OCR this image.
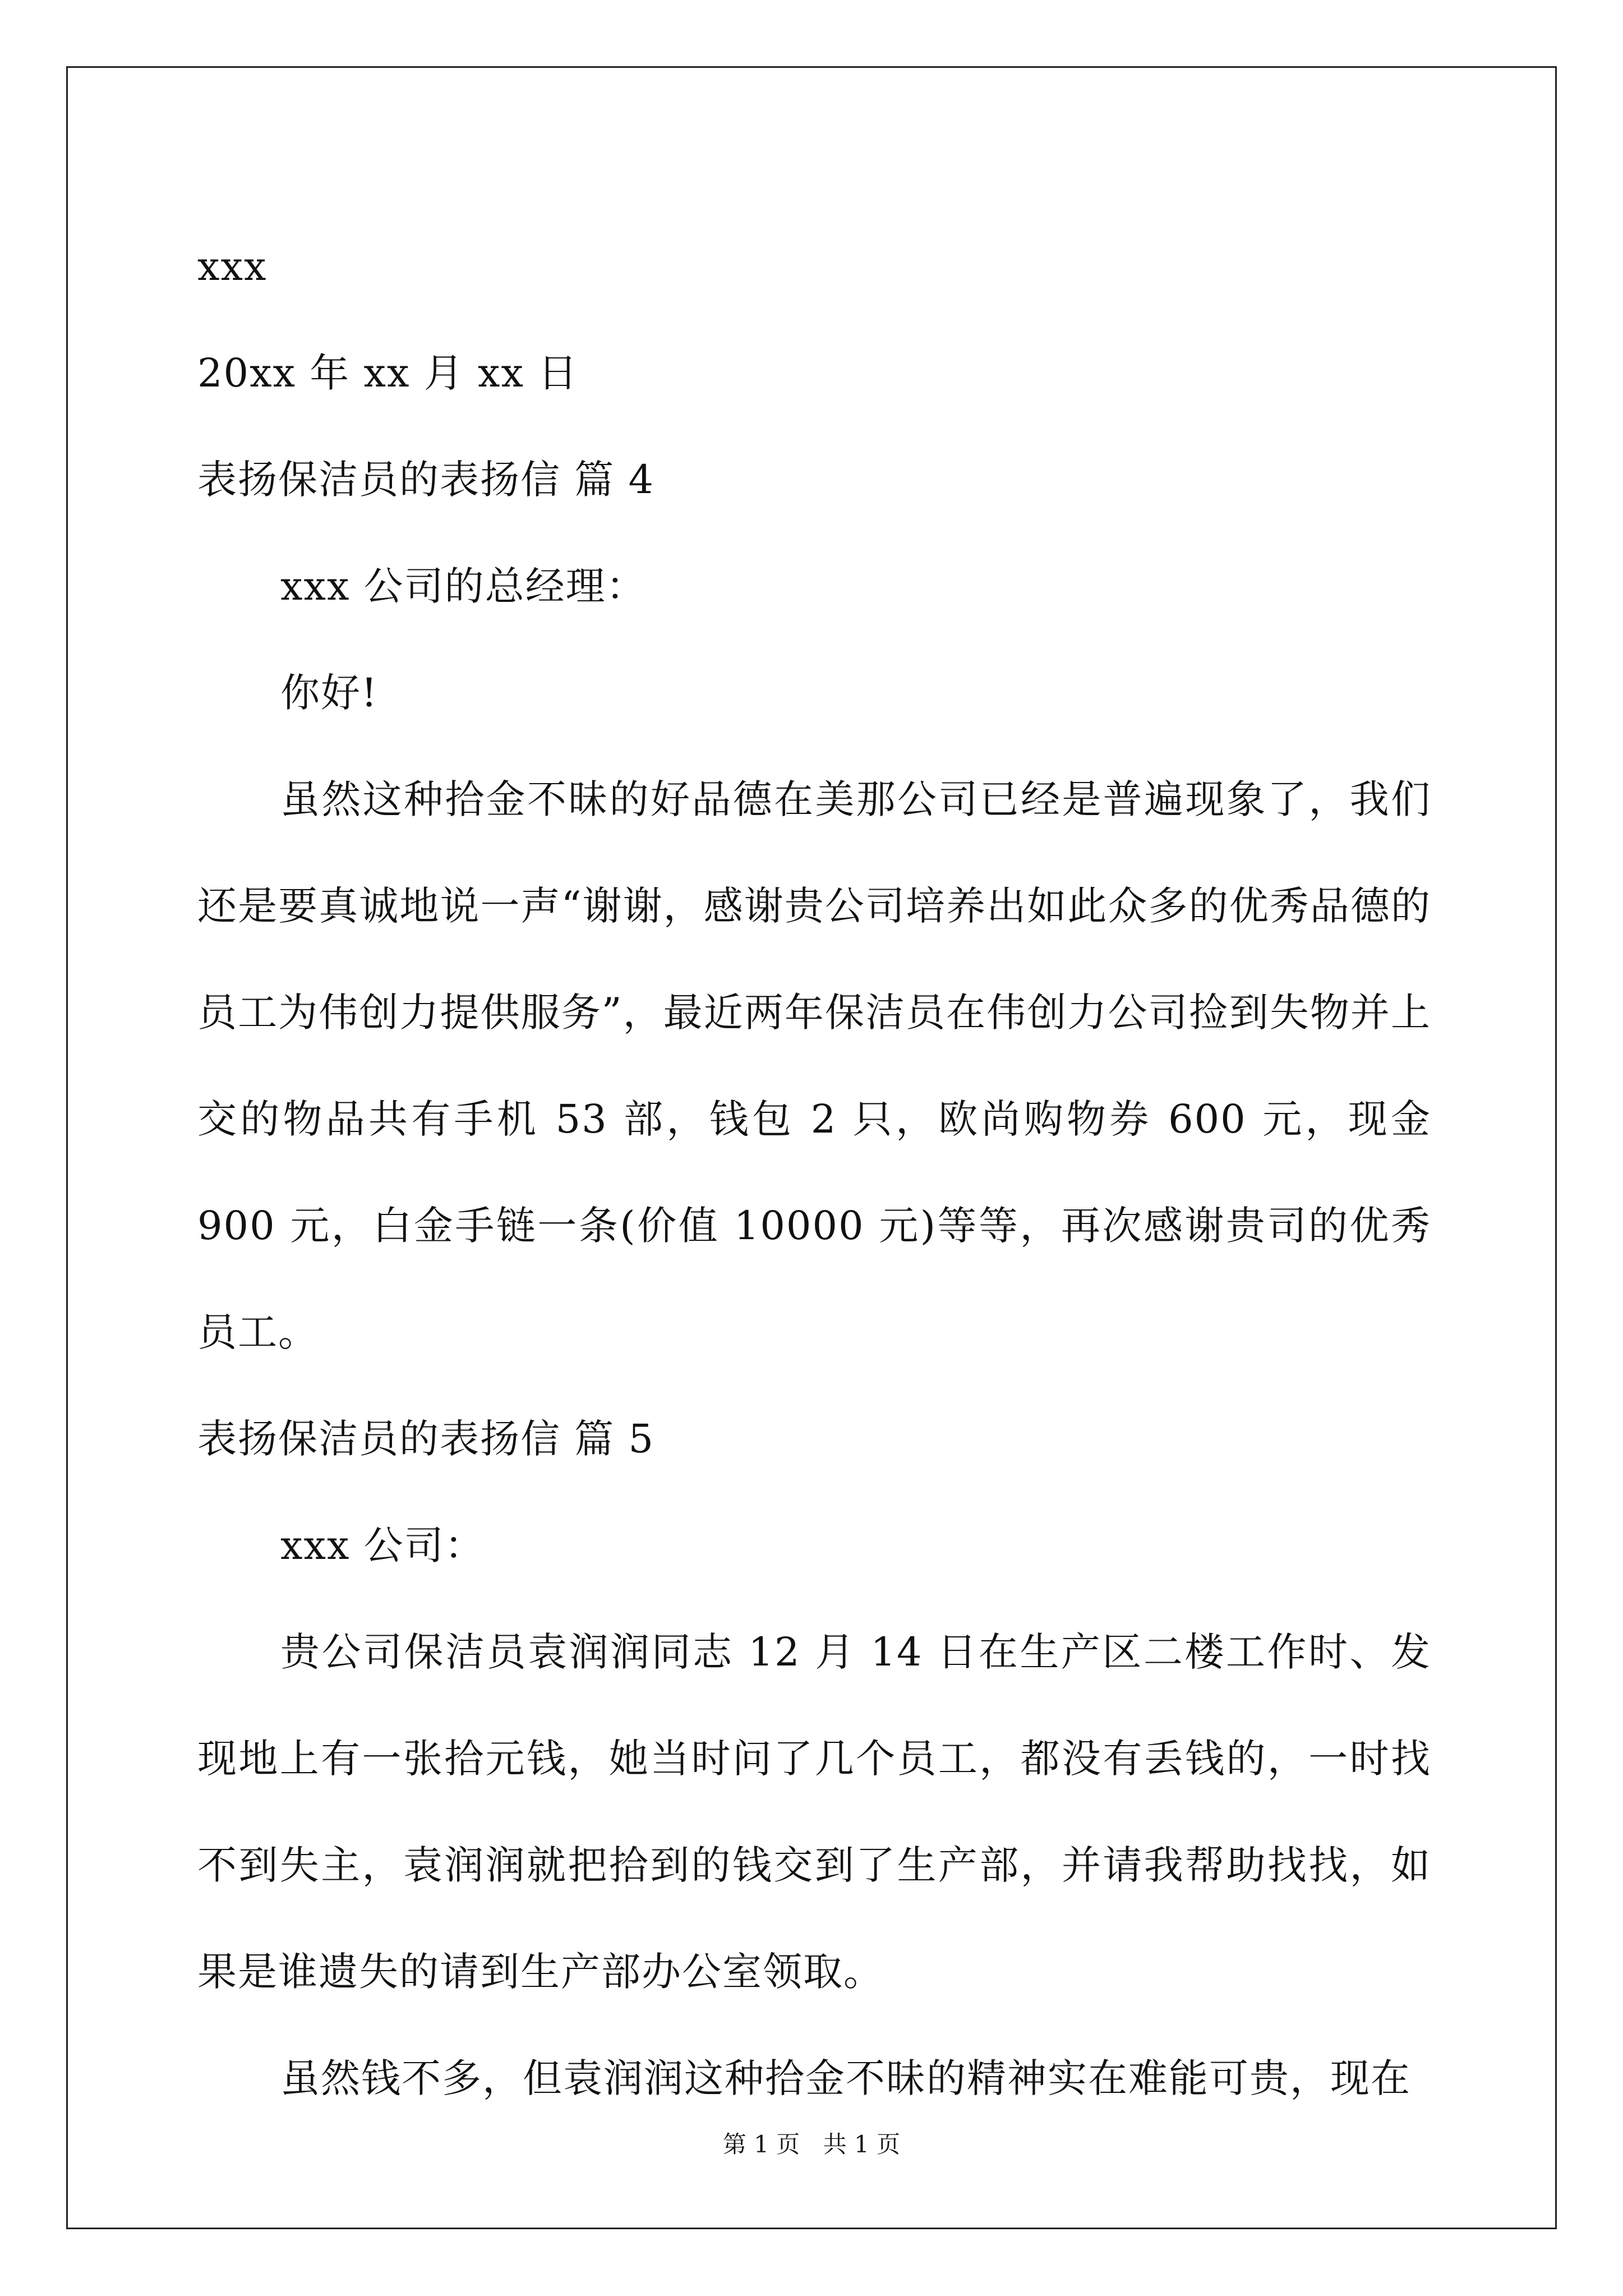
xxx
20xx 年 xx 月 xx 日
表扬保洁员的表扬信 篇 4
xxx 公司的总经理：
你好!
虽然这种拾金不昧的好品德在美那公司已经是普遍现象了，我们还是要真诚地说一声“谢谢，感谢贵公司培养出如此众多的优秀品德的员工为伟创力提供服务”，最近两年保洁员在伟创力公司捡到失物并上交的物品共有手机 53 部，钱包 2 只，欧尚购物券 600 元，现金 900 元，白金手链一条(价值 10000 元)等等，再次感谢贵司的优秀员工。
表扬保洁员的表扬信 篇 5
xxx 公司：
贵公司保洁员袁润润同志 12 月 14 日在生产区二楼工作时、发现地上有一张拾元钱，她当时问了几个员工，都没有丢钱的，一时找不到失主，袁润润就把拾到的钱交到了生产部，并请我帮助找找，如果是谁遗失的请到生产部办公室领取。
虽然钱不多，但袁润润这种拾金不昧的精神实在难能可贵，现在
第 1 页 共 1 页
